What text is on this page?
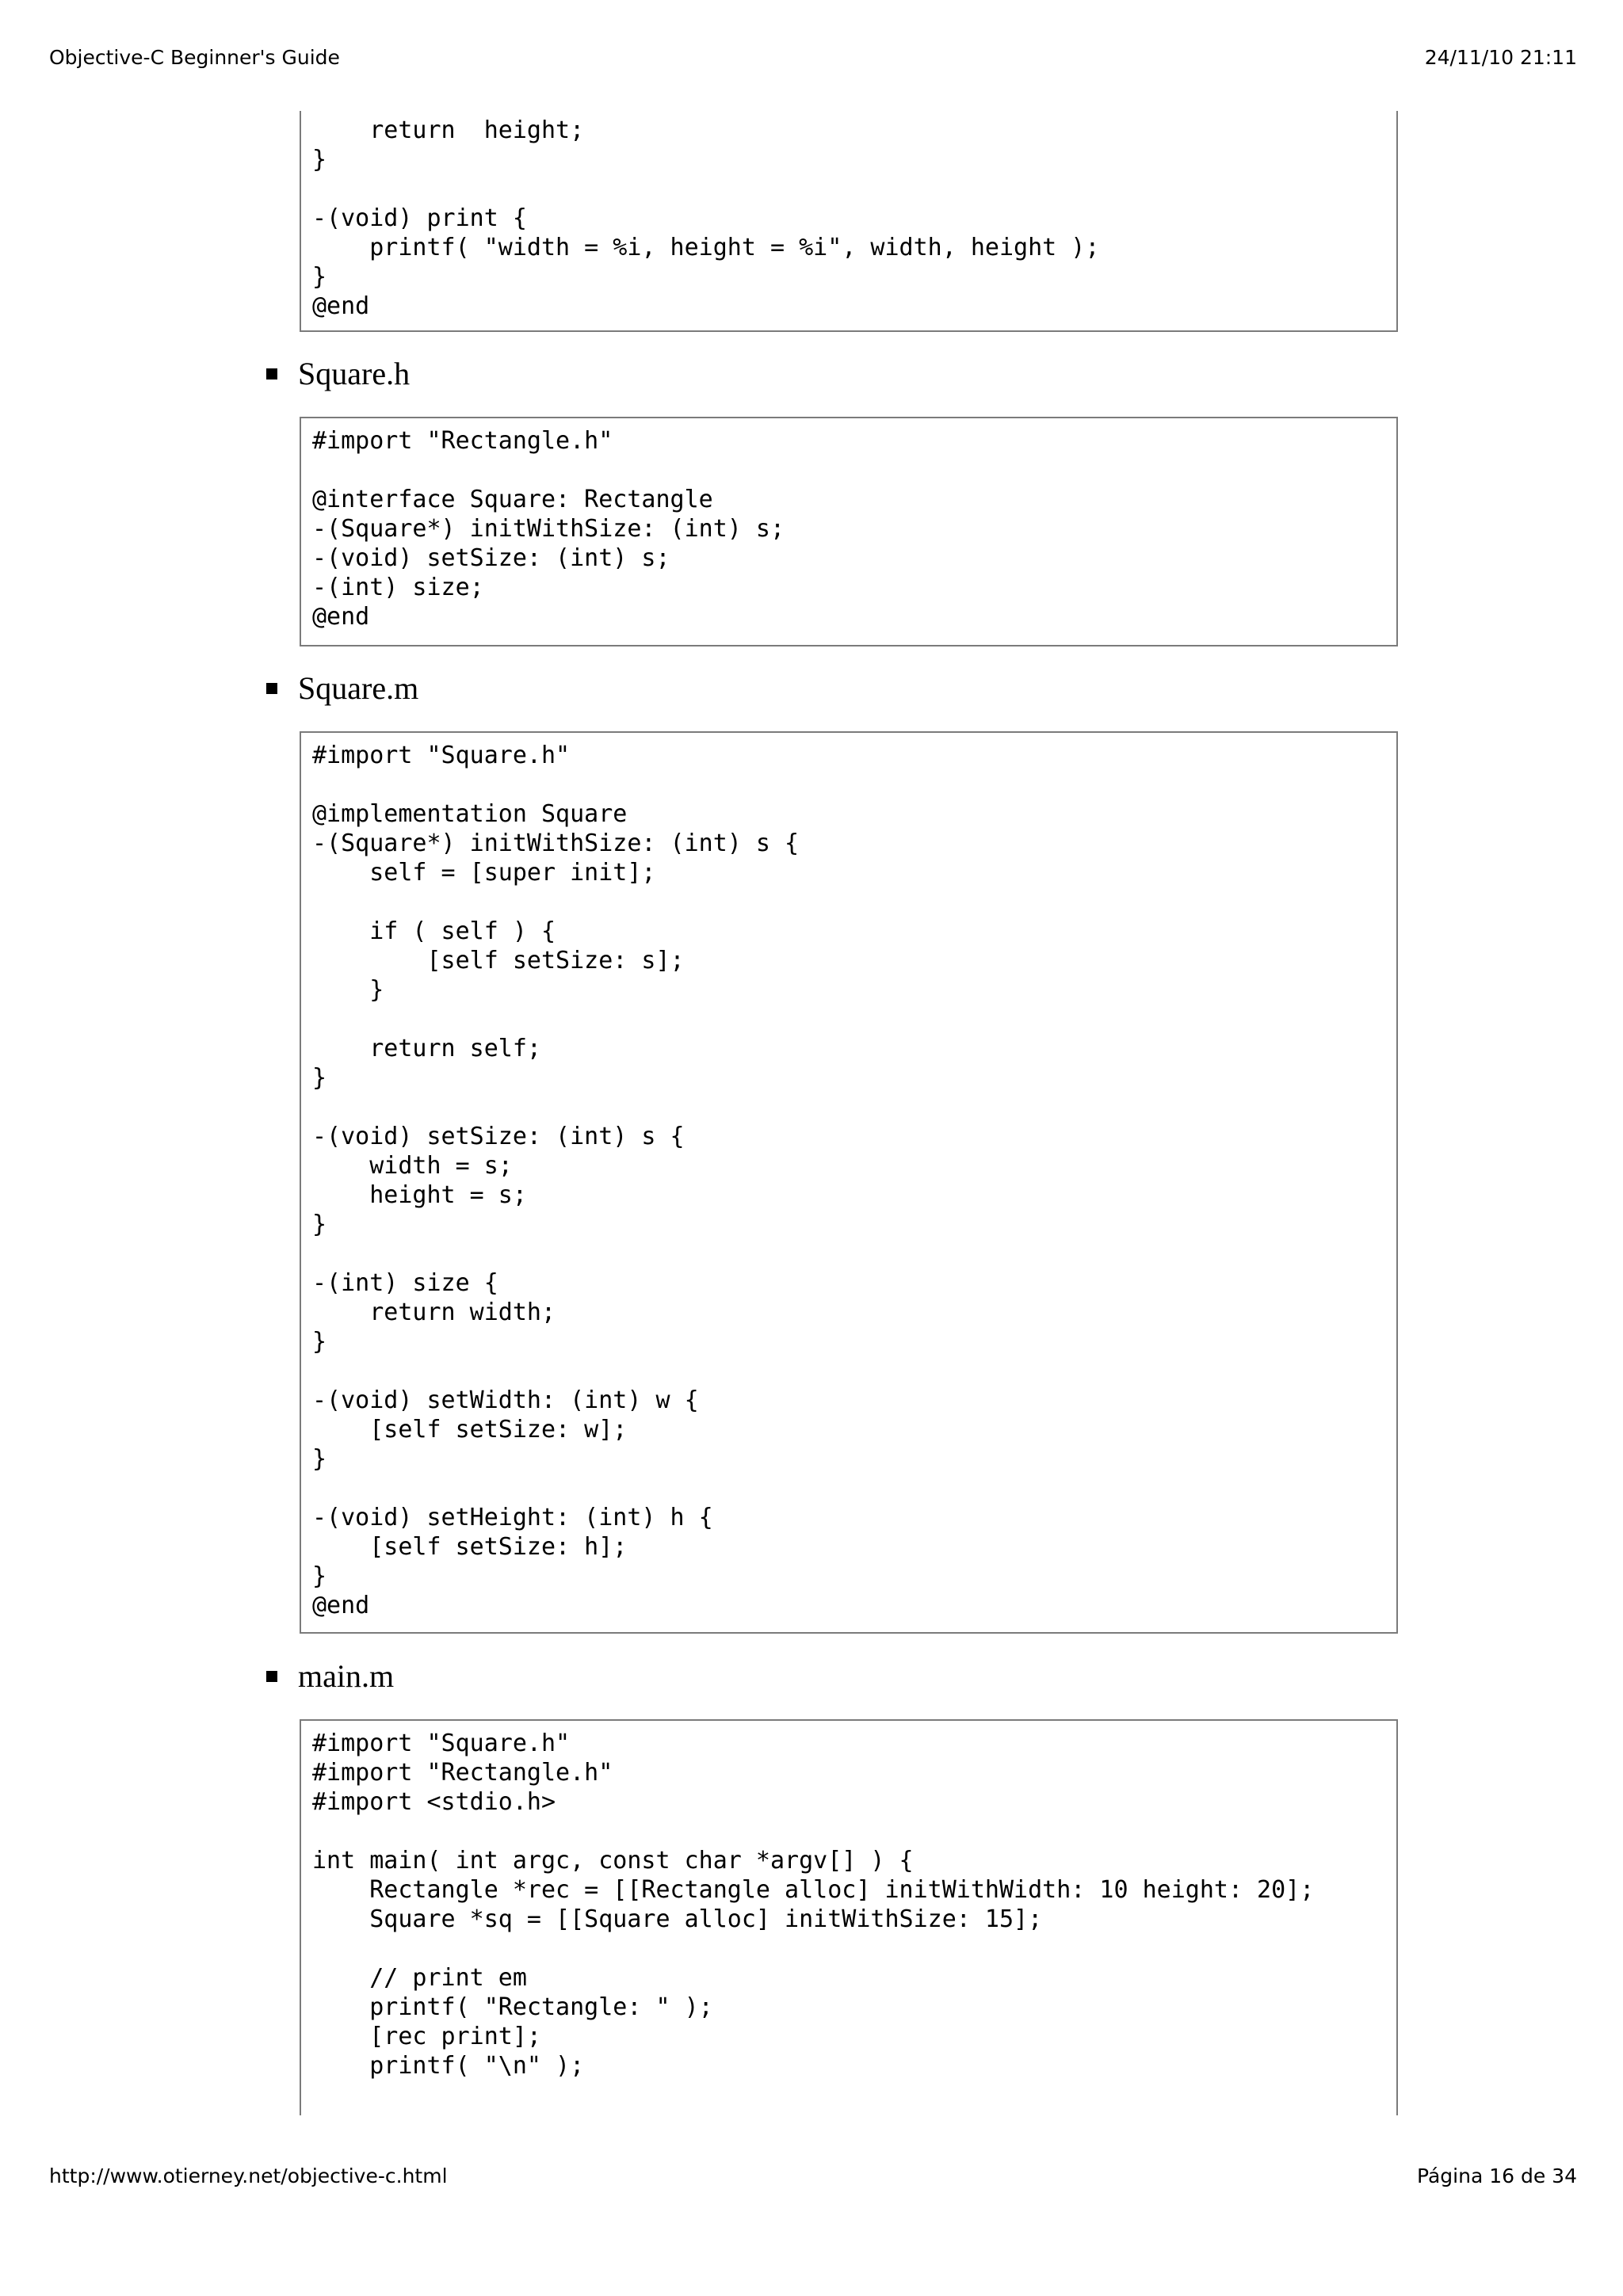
Objective-C Beginner's Guide	24/11/10 21:11
return  height;
}

-(void) print {
printf( "width = %i, height = %i", width, height );
}
@end
Square.h
#import "Rectangle.h"

@interface Square: Rectangle
-(Square*) initWithSize: (int) s;
-(void) setSize: (int) s;
-(int) size;
@end
Square.m
#import "Square.h"

@implementation Square
-(Square*) initWithSize: (int) s {
self = [super init];

if ( self ) {
[self setSize: s];
}

return self;
}

-(void) setSize: (int) s {
width = s;
height = s;
}

-(int) size {
return width;
}

-(void) setWidth: (int) w {
[self setSize: w];
}

-(void) setHeight: (int) h {
[self setSize: h];
}
@end
main.m
#import "Square.h"
#import "Rectangle.h"
#import <stdio.h>

int main( int argc, const char *argv[] ) {
Rectangle *rec = [[Rectangle alloc] initWithWidth: 10 height: 20];
Square *sq = [[Square alloc] initWithSize: 15];

// print em
printf( "Rectangle: " );
[rec print];
printf( "\n" );
http://www.otierney.net/objective-c.html	Página 16 de 34
